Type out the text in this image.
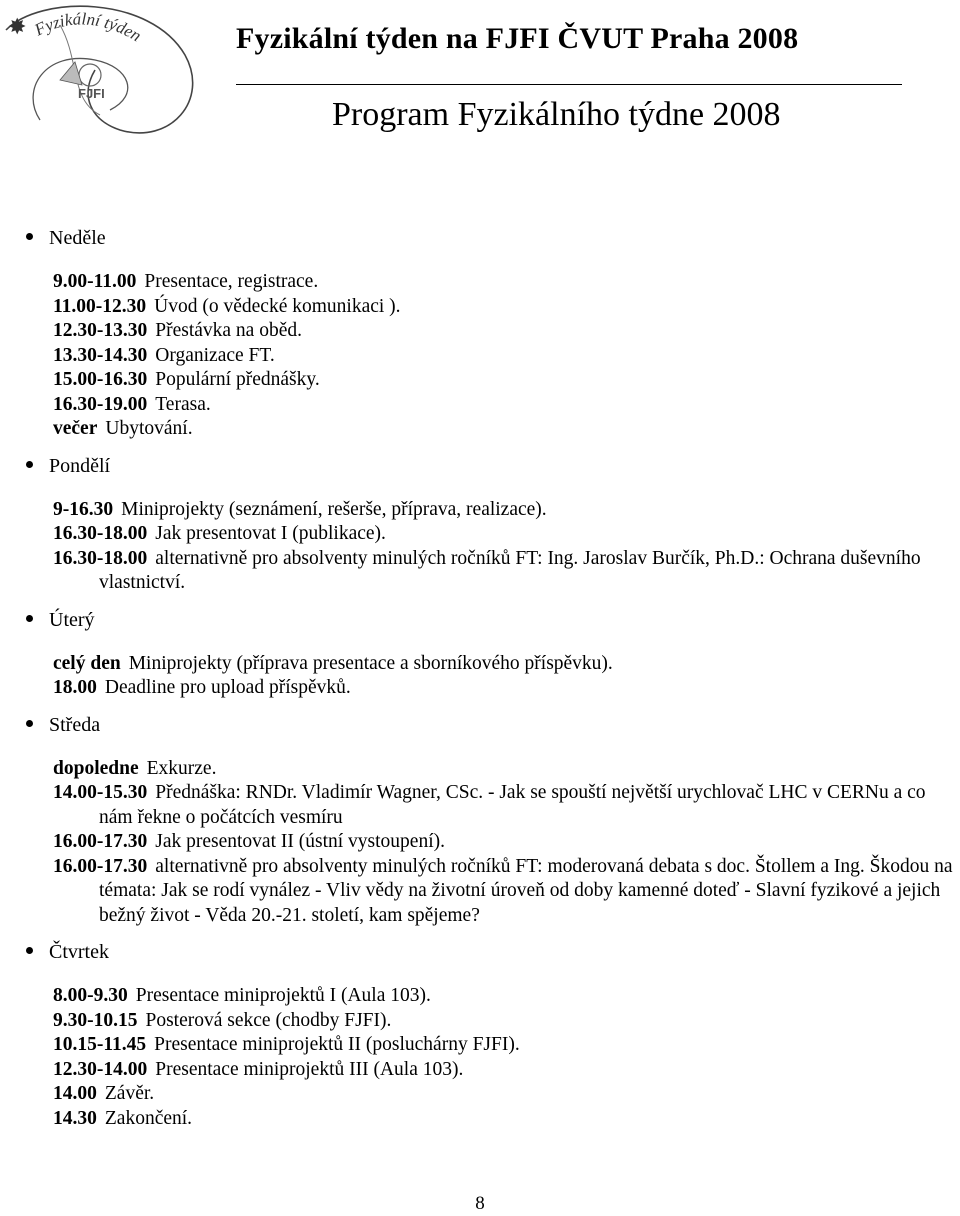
✸ Fyzikální týden
FJFI
Fyzikální týden na FJFI ČVUT Praha 2008
Program Fyzikálního týdne 2008
Neděle
9.00-11.00 Presentace, registrace.
11.00-12.30 Úvod (o vědecké komunikaci ).
12.30-13.30 Přestávka na oběd.
13.30-14.30 Organizace FT.
15.00-16.30 Populární přednášky.
16.30-19.00 Terasa.
večer Ubytování.
Pondělí
9-16.30 Miniprojekty (seznámení, rešerše, příprava, realizace).
16.30-18.00 Jak presentovat I (publikace).
16.30-18.00 alternativně pro absolventy minulých ročníků FT: Ing. Jaroslav Burčík, Ph.D.: Ochrana duševního vlastnictví.
Úterý
celý den Miniprojekty (příprava presentace a sborníkového příspěvku).
18.00 Deadline pro upload příspěvků.
Středa
dopoledne Exkurze.
14.00-15.30 Přednáška: RNDr. Vladimír Wagner, CSc. - Jak se spouští největší urychlovač LHC v CERNu a co nám řekne o počátcích vesmíru
16.00-17.30 Jak presentovat II (ústní vystoupení).
16.00-17.30 alternativně pro absolventy minulých ročníků FT: moderovaná debata s doc. Štollem a Ing. Škodou na témata: Jak se rodí vynález - Vliv vědy na životní úroveň od doby kamenné doteď - Slavní fyzikové a jejich bežný život - Věda 20.-21. století, kam spějeme?
Čtvrtek
8.00-9.30 Presentace miniprojektů I (Aula 103).
9.30-10.15 Posterová sekce (chodby FJFI).
10.15-11.45 Presentace miniprojektů II (posluchárny FJFI).
12.30-14.00 Presentace miniprojektů III (Aula 103).
14.00 Závěr.
14.30 Zakončení.
8
